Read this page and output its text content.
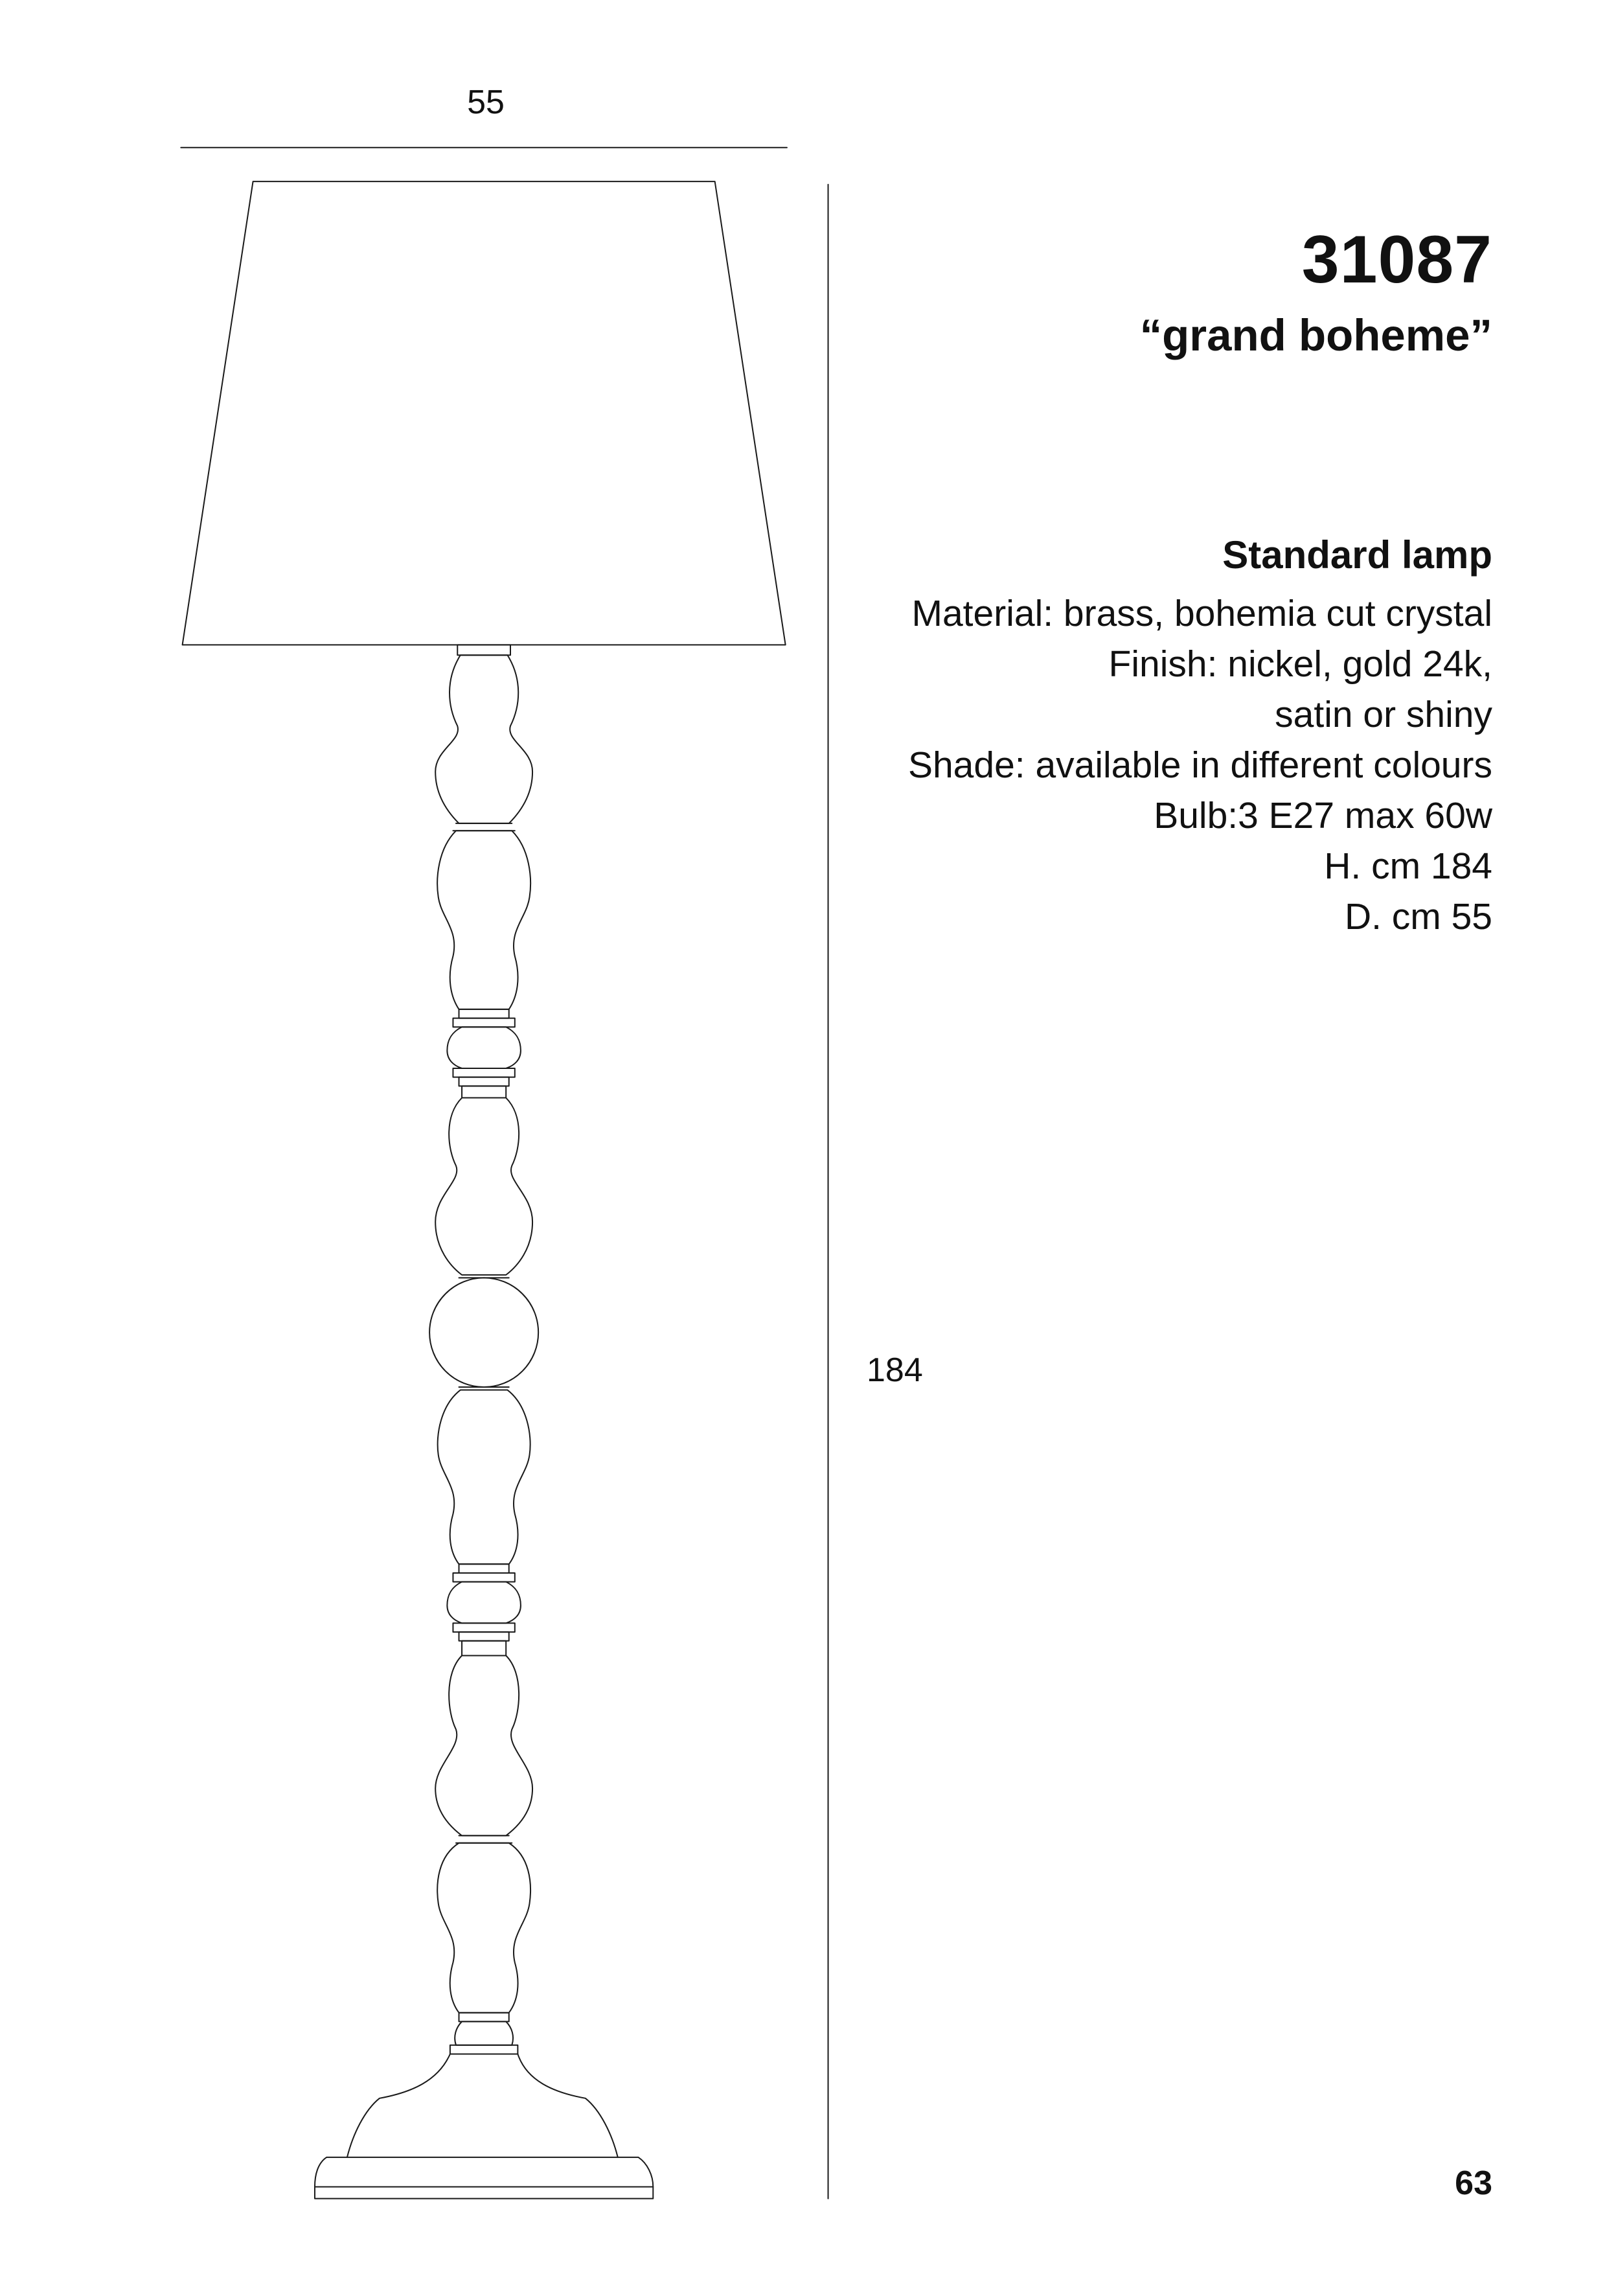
55

184

31087
“grand boheme”
Standard lamp
Material: brass, bohemia cut crystal
Finish: nickel, gold 24k,
satin or shiny
Shade: available in different colours
Bulb:3 E27 max 60w
H. cm 184
D. cm 55

63
